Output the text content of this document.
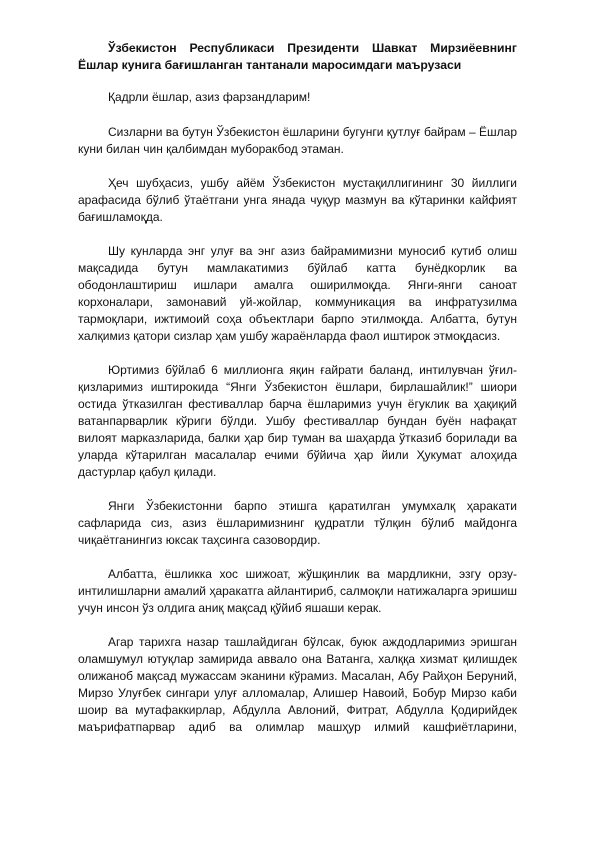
Ўзбекистон Республикаси Президенти Шавкат Мирзиёевнинг Ёшлар кунига бағишланган тантанали маросимдаги маърузаси

Қадрли ёшлар, азиз фарзандларим!

Сизларни ва бутун Ўзбекистон ёшларини бугунги қутлуғ байрам – Ёшлар куни билан чин қалбимдан муборакбод этаман.

Ҳеч шубҳасиз, ушбу айём Ўзбекистон мустақиллигининг 30 йиллиги арафасида бўлиб ўтаётгани унга янада чуқур мазмун ва кўтаринки кайфият бағишламоқда.

Шу кунларда энг улуғ ва энг азиз байрамимизни муносиб кутиб олиш мақсадида бутун мамлакатимиз бўйлаб катта бунёдкорлик ва ободонлаштириш ишлари амалга оширилмоқда. Янги-янги саноат корхоналари, замонавий уй-жойлар, коммуникация ва инфратузилма тармоқлари, ижтимоий соҳа объектлари барпо этилмоқда. Албатта, бутун халқимиз қатори сизлар ҳам ушбу жараёнларда фаол иштирок этмоқдасиз.

Юртимиз бўйлаб 6 миллионга яқин ғайрати баланд, интилувчан ўғил-қизларимиз иштирокида “Янги Ўзбекистон ёшлари, бирлашайлик!” шиори остида ўтказилган фестиваллар барча ёшларимиз учун ёгуклик ва ҳақиқий ватанпарварлик кўриги бўлди. Ушбу фестиваллар бундан буён нафақат вилоят марказларида, балки ҳар бир туман ва шаҳарда ўтказиб борилади ва уларда кўтарилган масалалар ечими бўйича ҳар йили Ҳукумат алоҳида дастурлар қабул қилади.

Янги Ўзбекистонни барпо этишга қаратилган умумхалқ ҳаракати сафларида сиз, азиз ёшларимизнинг қудратли тўлқин бўлиб майдонга чиқаётганингиз юксак таҳсинга сазовордир.

Албатта, ёшликка хос шижоат, жўшқинлик ва мардликни, эзгу орзу-интилишларни амалий ҳаракатга айлантириб, салмоқли натижаларга эришиш учун инсон ўз олдига аниқ мақсад қўйиб яшаши керак.

Агар тарихга назар ташлайдиган бўлсак, буюк аждодларимиз эришган оламшумул ютуқлар замирида аввало она Ватанга, халққа хизмат қилишдек олижаноб мақсад мужассам эканини кўрамиз. Масалан, Абу Райҳон Беруний, Мирзо Улуғбек сингари улуғ алломалар, Алишер Навоий, Бобур Мирзо каби шоир ва мутафаккирлар, Абдулла Авлоний, Фитрат, Абдулла Қодирийдек маърифатпарвар адиб ва олимлар машҳур илмий кашфиётларини,
